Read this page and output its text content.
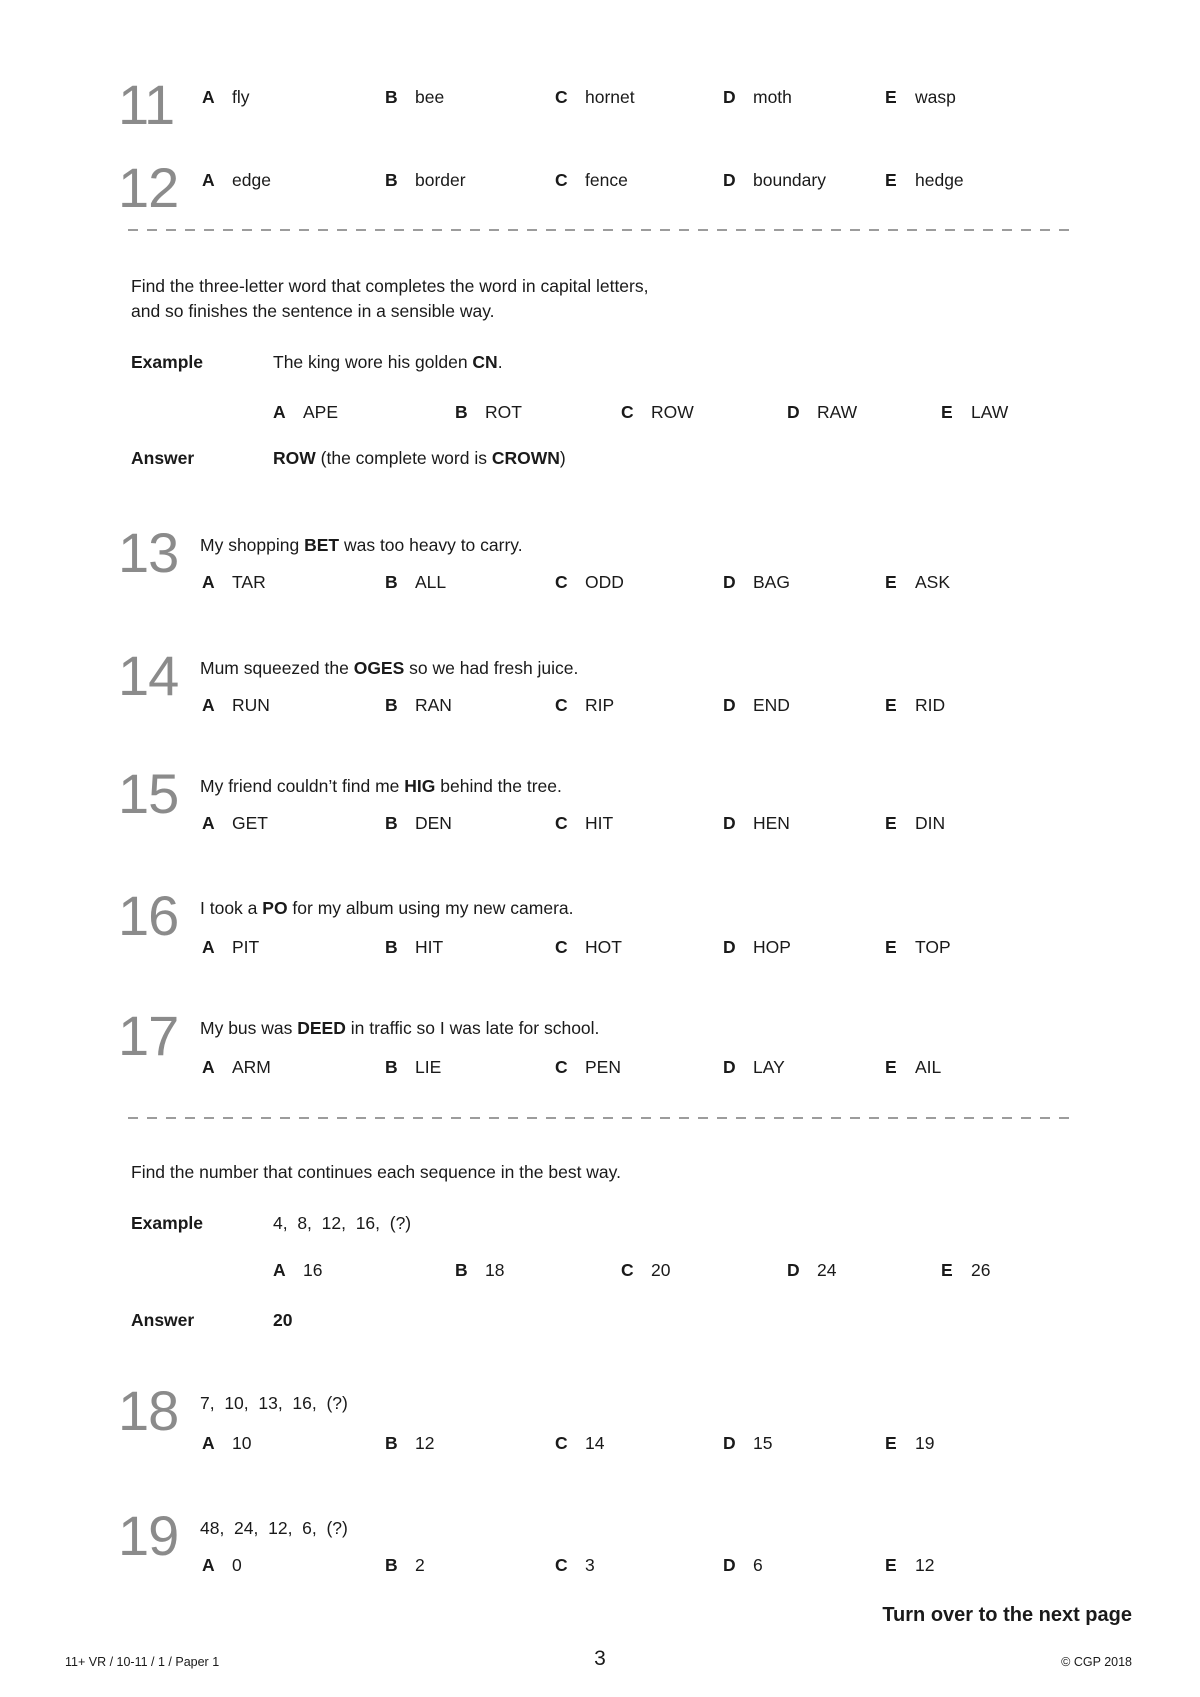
11 A fly	B bee	C hornet	D moth	E	wasp
12 A edge	B border	C fence	D boundary	E	hedge
Find the three-letter word that completes the word in capital letters,
and so finishes the sentence in a sensible way.
Example	The king wore his golden CN.
A APE	B ROT	C ROW	D RAW	E	LAW
Answer	ROW (the complete word is CROWN)
13 My shopping BET was too heavy to carry.
A TAR	B ALL	C ODD	D BAG	E	ASK
14 Mum squeezed the OGES so we had fresh juice.
A RUN	B RAN	C RIP	D END	E	RID
15 My friend couldn’t find me HIG behind the tree.
A GET	B DEN	C HIT	D HEN	E	DIN
16 I took a PO for my album using my new camera.
A PIT	B HIT	C HOT	D HOP	E	TOP
17 My bus was DEED in traffic so I was late for school.
A ARM	B LIE	C PEN	D LAY	E	AIL
Find the number that continues each sequence in the best way.
Example	4,  8,  12,  16,  (?)
A 16	B 18	C 20	D 24	E	26
Answer	20
18 7,  10,  13,  16,  (?)
A 10	B 12	C 14	D 15	E	19
19 48,  24,  12,  6,  (?)
A 0	B 2	C 3	D 6	E	12
Turn over to the next page
11+ VR / 10-11 / 1 / Paper 1	3	© CGP 2018
